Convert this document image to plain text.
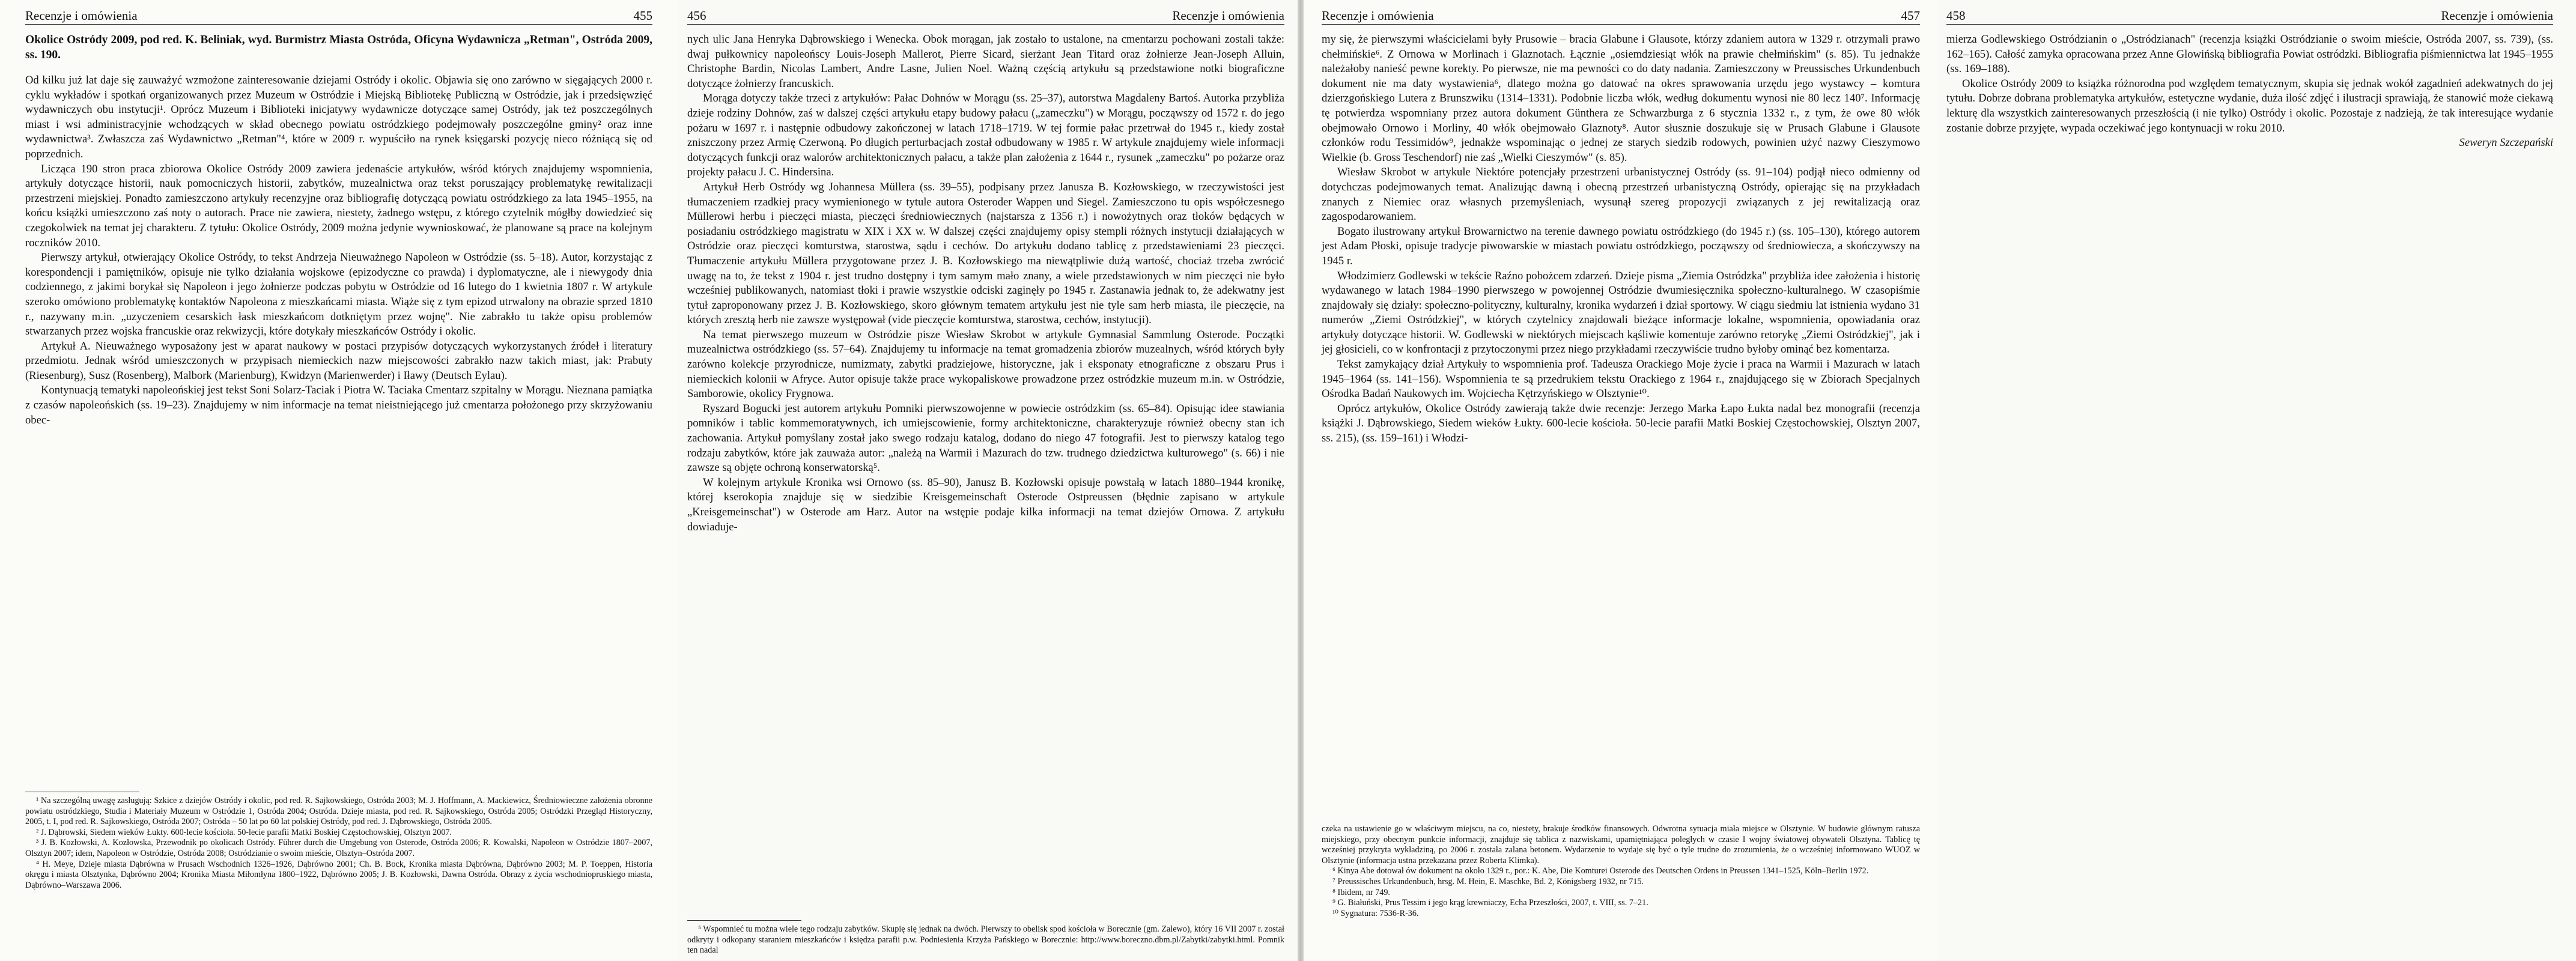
Recenzje i omówienia	455

Okolice Ostródy 2009, pod red. K. Beliniak, wyd. Burmistrz Miasta Ostróda, Oficyna Wydawnicza „Retman", Ostróda 2009, ss. 190.

Od kilku już lat daje się zauważyć wzmożone zainteresowanie dziejami Ostródy i okolic. Objawia się ono zarówno w sięgających 2000 r. cyklu wykładów i spotkań organizowanych przez Muzeum w Ostródzie i Miejską Bibliotekę Publiczną w Ostródzie, jak i przedsięwzięć wydawniczych obu instytucji¹. Oprócz Muzeum i Biblioteki inicjatywy wydawnicze dotyczące samej Ostródy, jak też poszczególnych miast i wsi administracyjnie wchodzących w skład obecnego powiatu ostródzkiego podejmowały poszczególne gminy² oraz inne wydawnictwa³. Zwłaszcza zaś Wydawnictwo „Retman"⁴, które w 2009 r. wypuściło na rynek księgarski pozycję nieco różniącą się od poprzednich.

Licząca 190 stron praca zbiorowa Okolice Ostródy 2009 zawiera jedenaście artykułów, wśród których znajdujemy wspomnienia, artykuły dotyczące historii, nauk pomocniczych historii, zabytków, muzealnictwa oraz tekst poruszający problematykę rewitalizacji przestrzeni miejskiej. Ponadto zamieszczono artykuły recenzyjne oraz bibliografię dotyczącą powiatu ostródzkiego za lata 1945–1955, na końcu książki umieszczono zaś noty o autorach. Prace nie zawiera, niestety, żadnego wstępu, z którego czytelnik mógłby dowiedzieć się czegokolwiek na temat jej charakteru. Z tytułu: Okolice Ostródy, 2009 można jedynie wywnioskować, że planowane są prace na kolejnym roczników 2010.

Pierwszy artykuł, otwierający Okolice Ostródy, to tekst Andrzeja Nieuważnego Napoleon w Ostródzie (ss. 5–18). Autor, korzystając z korespondencji i pamiętników, opisuje nie tylko działania wojskowe (epizodyczne co prawda) i dyplomatyczne, ale i niewygody dnia codziennego, z jakimi borykał się Napoleon i jego żołnierze podczas pobytu w Ostródzie od 16 lutego do 1 kwietnia 1807 r. W artykule szeroko omówiono problematykę kontaktów Napoleona z mieszkańcami miasta. Wiąże się z tym epizod utrwalony na obrazie sprzed 1810 r., nazywany m.in. „uzyczeniem cesarskich łask mieszkańcom dotkniętym przez wojnę". Nie zabrakło tu także opisu problemów stwarzanych przez wojska francuskie oraz rekwizycji, które dotykały mieszkańców Ostródy i okolic.

Artykuł A. Nieuważnego wyposażony jest w aparat naukowy w postaci przypisów dotyczących wykorzystanych źródeł i literatury przedmiotu. Jednak wśród umieszczonych w przypisach niemieckich nazw miejscowości zabrakło nazw takich miast, jak: Prabuty (Riesenburg), Susz (Rosenberg), Malbork (Marienburg), Kwidzyn (Marienwerder) i Iławy (Deutsch Eylau).

Kontynuacją tematyki napoleońskiej jest tekst Soni Solarz-Taciak i Piotra W. Taciaka Cmentarz szpitalny w Morągu. Nieznana pamiątka z czasów napoleońskich (ss. 19–23). Znajdujemy w nim informacje na temat nieistniejącego już cmentarza położonego przy skrzyżowaniu obec-

¹ Na szczególną uwagę zasługują: Szkice z dziejów Ostródy i okolic, pod red. R. Sajkowskiego, Ostróda 2003; M. J. Hoffmann, A. Mackiewicz, Średniowieczne założenia obronne powiatu ostródzkiego, Studia i Materiały Muzeum w Ostródzie 1, Ostróda 2004; Ostróda. Dzieje miasta, pod red. R. Sajkowskiego, Ostróda 2005; Ostródzki Przegląd Historyczny, 2005, t. I, pod red. R. Sajkowskiego, Ostróda 2007; Ostróda – 50 lat po 60 lat polskiej Ostródy, pod red. J. Dąbrowskiego, Ostróda 2005.

² J. Dąbrowski, Siedem wieków Łukty. 600-lecie kościoła. 50-lecie parafii Matki Boskiej Częstochowskiej, Olsztyn 2007.

³ J. B. Kozłowski, A. Kozłowska, Przewodnik po okolicach Ostródy. Führer durch die Umgebung von Osterode, Ostróda 2006; R. Kowalski, Napoleon w Ostródzie 1807–2007, Olsztyn 2007; idem, Napoleon w Ostródzie, Ostróda 2008; Ostródzianie o swoim mieście, Olsztyn–Ostróda 2007.

⁴ H. Meye, Dzieje miasta Dąbrówna w Prusach Wschodnich 1326–1926, Dąbrówno 2001; Ch. B. Bock, Kronika miasta Dąbrówna, Dąbrówno 2003; M. P. Toeppen, Historia okręgu i miasta Olsztynka, Dąbrówno 2004; Kronika Miasta Miłomłyna 1800–1922, Dąbrówno 2005; J. B. Kozłowski, Dawna Ostróda. Obrazy z życia wschodniopruskiego miasta, Dąbrówno–Warszawa 2006.

456	Recenzje i omówienia

nych ulic Jana Henryka Dąbrowskiego i Wenecka. Obok morągan, jak zostało to ustalone, na cmentarzu pochowani zostali także: dwaj pułkownicy napoleońscy Louis-Joseph Mallerot, Pierre Sicard, sierżant Jean Titard oraz żołnierze Jean-Joseph Alluin, Christophe Bardin, Nicolas Lambert, Andre Lasne, Julien Noel. Ważną częścią artykułu są przedstawione notki biograficzne dotyczące żołnierzy francuskich.

Morąga dotyczy także trzeci z artykułów: Pałac Dohnów w Morągu (ss. 25–37), autorstwa Magdaleny Bartoś. Autorka przybliża dzieje rodziny Dohnów, zaś w dalszej części artykułu etapy budowy pałacu („zameczku") w Morągu, począwszy od 1572 r. do jego pożaru w 1697 r. i następnie odbudowy zakończonej w latach 1718–1719. W tej formie pałac przetrwał do 1945 r., kiedy został zniszczony przez Armię Czerwoną. Po długich perturbacjach został odbudowany w 1985 r. W artykule znajdujemy wiele informacji dotyczących funkcji oraz walorów architektonicznych pałacu, a także plan założenia z 1644 r., rysunek „zameczku" po pożarze oraz projekty pałacu J. C. Hindersina.

Artykuł Herb Ostródy wg Johannesa Müllera (ss. 39–55), podpisany przez Janusza B. Kozłowskiego, w rzeczywistości jest tłumaczeniem rzadkiej pracy wymienionego w tytule autora Osteroder Wappen und Siegel. Zamieszczono tu opis współczesnego Müllerowi herbu i pieczęci miasta, pieczęci średniowiecznych (najstarsza z 1356 r.) i nowożytnych oraz tłoków będących w posiadaniu ostródzkiego magistratu w XIX i XX w. W dalszej części znajdujemy opisy stempli różnych instytucji działających w Ostródzie oraz pieczęci komturstwa, starostwa, sądu i cechów. Do artykułu dodano tablicę z przedstawieniami 23 pieczęci. Tłumaczenie artykułu Müllera przygotowane przez J. B. Kozłowskiego ma niewątpliwie dużą wartość, chociaż trzeba zwrócić uwagę na to, że tekst z 1904 r. jest trudno dostępny i tym samym mało znany, a wiele przedstawionych w nim pieczęci nie było wcześniej publikowanych, natomiast tłoki i prawie wszystkie odciski zaginęły po 1945 r. Zastanawia jednak to, że adekwatny jest tytuł zaproponowany przez J. B. Kozłowskiego, skoro głównym tematem artykułu jest nie tyle sam herb miasta, ile pieczęcie, na których zresztą herb nie zawsze występował (vide pieczęcie komturstwa, starostwa, cechów, instytucji).

Na temat pierwszego muzeum w Ostródzie pisze Wiesław Skrobot w artykule Gymnasial Sammlung Osterode. Początki muzealnictwa ostródzkiego (ss. 57–64). Znajdujemy tu informacje na temat gromadzenia zbiorów muzealnych, wśród których były zarówno kolekcje przyrodnicze, numizmaty, zabytki pradziejowe, historyczne, jak i eksponaty etnograficzne z obszaru Prus i niemieckich kolonii w Afryce. Autor opisuje także prace wykopaliskowe prowadzone przez ostródzkie muzeum m.in. w Ostródzie, Samborowie, okolicy Frygnowa.

Ryszard Bogucki jest autorem artykułu Pomniki pierwszowojenne w powiecie ostródzkim (ss. 65–84). Opisując idee stawiania pomników i tablic kommemoratywnych, ich umiejscowienie, formy architektoniczne, charakteryzuje również obecny stan ich zachowania. Artykuł pomyślany został jako swego rodzaju katalog, dodano do niego 47 fotografii. Jest to pierwszy katalog tego rodzaju zabytków, które jak zauważa autor: „należą na Warmii i Mazurach do tzw. trudnego dziedzictwa kulturowego" (s. 66) i nie zawsze są objęte ochroną konserwatorską⁵.

W kolejnym artykule Kronika wsi Ornowo (ss. 85–90), Janusz B. Kozłowski opisuje powstałą w latach 1880–1944 kronikę, której kserokopia znajduje się w siedzibie Kreisgemeinschaft Osterode Ostpreussen (błędnie zapisano w artykule „Kreisgemeinschat") w Osterode am Harz. Autor na wstępie podaje kilka informacji na temat dziejów Ornowa. Z artykułu dowiaduje-

⁵ Wspomnieć tu można wiele tego rodzaju zabytków. Skupię się jednak na dwóch. Pierwszy to obelisk spod kościoła w Borecznie (gm. Zalewo), który 16 VII 2007 r. został odkryty i odkopany staraniem mieszkańców i księdza parafii p.w. Podniesienia Krzyża Pańskiego w Borecznie: http://www.boreczno.dbm.pl/Zabytki/zabytki.html. Pomnik ten nadal

Recenzje i omówienia	457

my się, że pierwszymi właścicielami były Prusowie – bracia Glabune i Glausote, którzy zdaniem autora w 1329 r. otrzymali prawo chełmińskie⁶. Z Ornowa w Morlinach i Glaznotach. Łącznie „osiemdziesiąt włók na prawie chełmińskim" (s. 85). Tu jednakże należałoby nanieść pewne korekty. Po pierwsze, nie ma pewności co do daty nadania. Zamieszczony w Preussisches Urkundenbuch dokument nie ma daty wystawienia⁶, dlatego można go datować na okres sprawowania urzędu jego wystawcy – komtura dzierzgońskiego Lutera z Brunszwiku (1314–1331). Podobnie liczba włók, według dokumentu wynosi nie 80 lecz 140⁷. Informację tę potwierdza wspomniany przez autora dokument Günthera ze Schwarzburga z 6 stycznia 1332 r., z tym, że owe 80 włók obejmowało Ornowo i Morliny, 40 włók obejmowało Glaznoty⁸. Autor słusznie doszukuje się w Prusach Glabune i Glausote członków rodu Tessimidów⁹, jednakże wspominając o jednej ze starych siedzib rodowych, powinien użyć nazwy Cieszymowo Wielkie (b. Gross Teschendorf) nie zaś „Wielki Cieszymów" (s. 85).

Wiesław Skrobot w artykule Niektóre potencjały przestrzeni urbanistycznej Ostródy (ss. 91–104) podjął nieco odmienny od dotychczas podejmowanych temat. Analizując dawną i obecną przestrzeń urbanistyczną Ostródy, opierając się na przykładach znanych z Niemiec oraz własnych przemyśleniach, wysunął szereg propozycji związanych z jej rewitalizacją oraz zagospodarowaniem.

Bogato ilustrowany artykuł Browarnictwo na terenie dawnego powiatu ostródzkiego (do 1945 r.) (ss. 105–130), którego autorem jest Adam Płoski, opisuje tradycje piwowarskie w miastach powiatu ostródzkiego, począwszy od średniowiecza, a skończywszy na 1945 r.

Włodzimierz Godlewski w tekście Raźno pobożcem zdarzeń. Dzieje pisma „Ziemia Ostródzka" przybliża idee założenia i historię wydawanego w latach 1984–1990 pierwszego w powojennej Ostródzie dwumiesięcznika społeczno-kulturalnego. W czasopiśmie znajdowały się działy: społeczno-polityczny, kulturalny, kronika wydarzeń i dział sportowy. W ciągu siedmiu lat istnienia wydano 31 numerów „Ziemi Ostródzkiej", w których czytelnicy znajdowali bieżące informacje lokalne, wspomnienia, opowiadania oraz artykuły dotyczące historii. W. Godlewski w niektórych miejscach kąśliwie komentuje zarówno retorykę „Ziemi Ostródzkiej", jak i jej głosicieli, co w konfrontacji z przytoczonymi przez niego przykładami rzeczywiście trudno byłoby ominąć bez komentarza.

Tekst zamykający dział Artykuły to wspomnienia prof. Tadeusza Orackiego Moje życie i praca na Warmii i Mazurach w latach 1945–1964 (ss. 141–156). Wspomnienia te są przedrukiem tekstu Orackiego z 1964 r., znajdującego się w Zbiorach Specjalnych Ośrodka Badań Naukowych im. Wojciecha Kętrzyńskiego w Olsztynie¹⁰.

Oprócz artykułów, Okolice Ostródy zawierają także dwie recenzje: Jerzego Marka Łapo Łukta nadal bez monografii (recenzja książki J. Dąbrowskiego, Siedem wieków Łukty. 600-lecie kościoła. 50-lecie parafii Matki Boskiej Częstochowskiej, Olsztyn 2007, ss. 215), (ss. 159–161) i Włodzi-

czeka na ustawienie go w właściwym miejscu, na co, niestety, brakuje środków finansowych. Odwrotna sytuacja miała miejsce w Olsztynie. W budowie głównym ratusza miejskiego, przy obecnym punkcie informacji, znajduje się tablica z nazwiskami, upamiętniająca poległych w czasie I wojny światowej obywateli Olsztyna. Tablicę tę wcześniej przykryta wykładziną, po 2006 r. została zalana betonem. Wydarzenie to wydaje się być o tyle trudne do zrozumienia, że o wcześniej informowano WUOZ w Olsztynie (informacja ustna przekazana przez Roberta Klimka).

⁶ Kinya Abe dotował ów dokument na około 1329 r., por.: K. Abe, Die Komturei Osterode des Deutschen Ordens in Preussen 1341–1525, Köln–Berlin 1972.

⁷ Preussisches Urkundenbuch, hrsg. M. Hein, E. Maschke, Bd. 2, Königsberg 1932, nr 715.

⁸ Ibidem, nr 749.

⁹ G. Białuński, Prus Tessim i jego krąg krewniaczy, Echa Przeszłości, 2007, t. VIII, ss. 7–21.

¹⁰ Sygnatura: 7536-R-36.

458	Recenzje i omówienia

mierza Godlewskiego Ostródzianin o „Ostródzianach" (recenzja książki Ostródzianie o swoim mieście, Ostróda 2007, ss. 739), (ss. 162–165). Całość zamyka opracowana przez Anne Glowińską bibliografia Powiat ostródzki. Bibliografia piśmiennictwa lat 1945–1955 (ss. 169–188).

Okolice Ostródy 2009 to książka różnorodna pod względem tematycznym, skupia się jednak wokół zagadnień adekwatnych do jej tytułu. Dobrze dobrana problematyka artykułów, estetyczne wydanie, duża ilość zdjęć i ilustracji sprawiają, że stanowić może ciekawą lekturę dla wszystkich zainteresowanych przeszłością (i nie tylko) Ostródy i okolic. Pozostaje z nadzieją, że tak interesujące wydanie zostanie dobrze przyjęte, wypada oczekiwać jego kontynuacji w roku 2010.

Seweryn Szczepański
